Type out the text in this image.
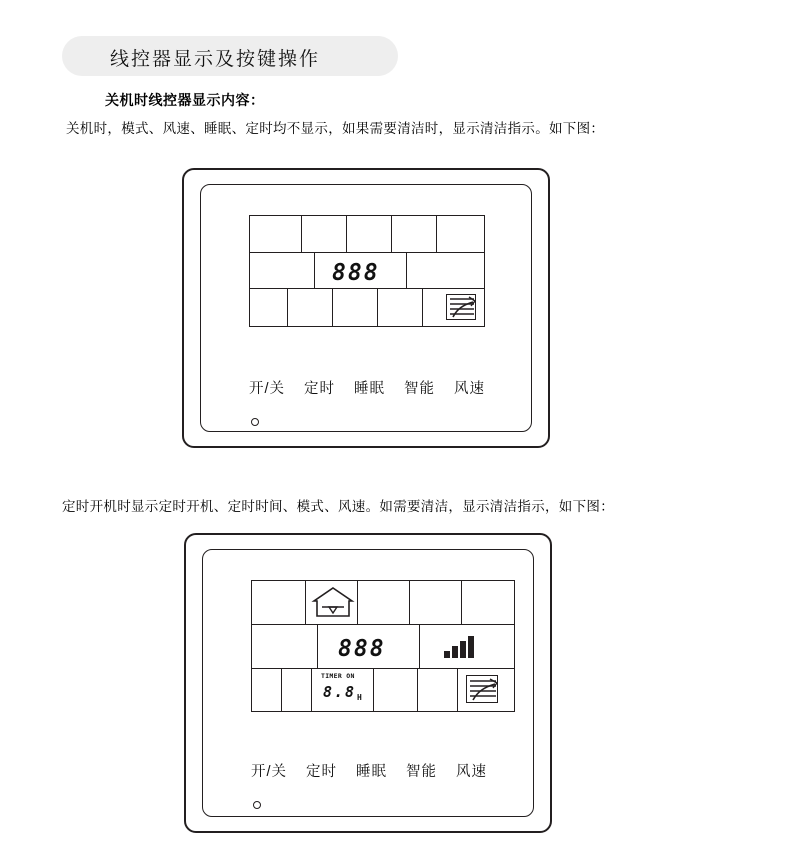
线控器显示及按键操作
关机时线控器显示内容：
关机时，模式、风速、睡眠、定时均不显示，如果需要清洁时，显示清洁指示。如下图：
888
开/关 定时 睡眠 智能 风速
定时开机时显示定时开机、定时时间、模式、风速。如需要清洁，显示清洁指示，如下图：
888
TIMER ON
8.8 H
开/关 定时 睡眠 智能 风速
